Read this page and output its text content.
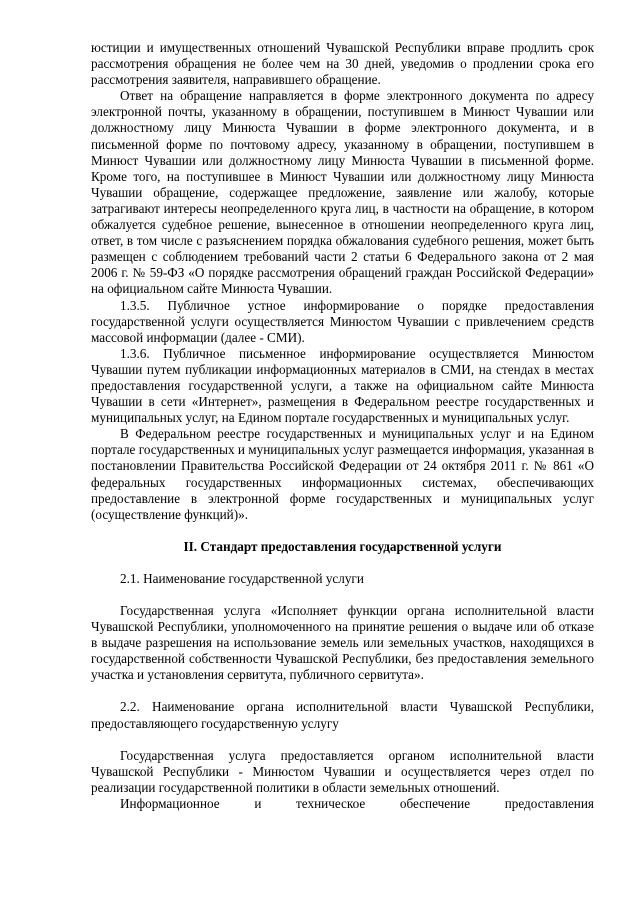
юстиции и имущественных отношений Чувашской Республики вправе продлить срок рассмотрения обращения не более чем на 30 дней, уведомив о продлении срока его рассмотрения заявителя, направившего обращение.

Ответ на обращение направляется в форме электронного документа по адресу электронной почты, указанному в обращении, поступившем в Минюст Чувашии или должностному лицу Минюста Чувашии в форме электронного документа, и в письменной форме по почтовому адресу, указанному в обращении, поступившем в Минюст Чувашии или должностному лицу Минюста Чувашии в письменной форме. Кроме того, на поступившее в Минюст Чувашии или должностному лицу Минюста Чувашии обращение, содержащее предложение, заявление или жалобу, которые затрагивают интересы неопределенного круга лиц, в частности на обращение, в котором обжалуется судебное решение, вынесенное в отношении неопределенного круга лиц, ответ, в том числе с разъяснением порядка обжалования судебного решения, может быть размещен с соблюдением требований части 2 статьи 6 Федерального закона от 2 мая 2006 г. № 59-ФЗ «О порядке рассмотрения обращений граждан Российской Федерации» на официальном сайте Минюста Чувашии.

1.3.5. Публичное устное информирование о порядке предоставления государственной услуги осуществляется Минюстом Чувашии с привлечением средств массовой информации (далее - СМИ).

1.3.6. Публичное письменное информирование осуществляется Минюстом Чувашии путем публикации информационных материалов в СМИ, на стендах в местах предоставления государственной услуги, а также на официальном сайте Минюста Чувашии в сети «Интернет», размещения в Федеральном реестре государственных и муниципальных услуг, на Едином портале государственных и муниципальных услуг.

В Федеральном реестре государственных и муниципальных услуг и на Едином портале государственных и муниципальных услуг размещается информация, указанная в постановлении Правительства Российской Федерации от 24 октября 2011 г. № 861 «О федеральных государственных информационных системах, обеспечивающих предоставление в электронной форме государственных и муниципальных услуг (осуществление функций)».

II. Стандарт предоставления государственной услуги

2.1. Наименование государственной услуги

Государственная услуга «Исполняет функции органа исполнительной власти Чувашской Республики, уполномоченного на принятие решения о выдаче или об отказе в выдаче разрешения на использование земель или земельных участков, находящихся в государственной собственности Чувашской Республики, без предоставления земельного участка и установления сервитута, публичного сервитута».

2.2. Наименование органа исполнительной власти Чувашской Республики, предоставляющего государственную услугу

Государственная услуга предоставляется органом исполнительной власти Чувашской Республики - Минюстом Чувашии и осуществляется через отдел по реализации государственной политики в области земельных отношений.

Информационное и техническое обеспечение предоставления
